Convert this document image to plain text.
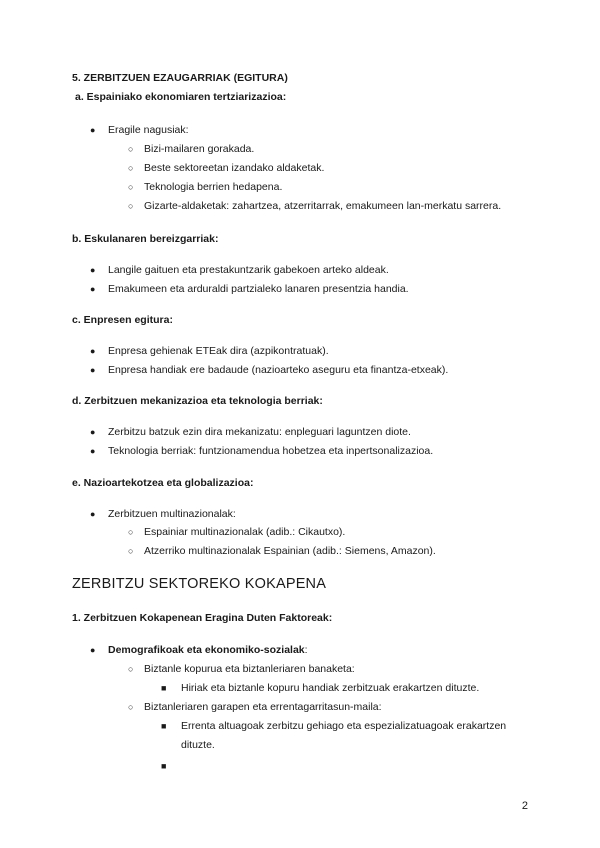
5. ZERBITZUEN EZAUGARRIAK (EGITURA)
a. Espainiako ekonomiaren tertziarizazioa:
● Eragile nagusiak:
○ Bizi-mailaren gorakada.
○ Beste sektoreetan izandako aldaketak.
○ Teknologia berrien hedapena.
○ Gizarte-aldaketak: zahartzea, atzerritarrak, emakumeen lan-merkatu sarrera.
b. Eskulanaren bereizgarriak:
● Langile gaituen eta prestakuntzarik gabekoen arteko aldeak.
● Emakumeen eta arduraldi partzialeko lanaren presentzia handia.
c. Enpresen egitura:
● Enpresa gehienak ETEak dira (azpikontratuak).
● Enpresa handiak ere badaude (nazioarteko aseguru eta finantza-etxeak).
d. Zerbitzuen mekanizazioa eta teknologia berriak:
● Zerbitzu batzuk ezin dira mekanizatu: enpleguari laguntzen diote.
● Teknologia berriak: funtzionamendua hobetzea eta inpertsonalizazioa.
e. Nazioartekotzea eta globalizazioa:
● Zerbitzuen multinazionalak:
○ Espainiar multinazionalak (adib.: Cikautxo).
○ Atzerriko multinazionalak Espainian (adib.: Siemens, Amazon).
ZERBITZU SEKTOREKO KOKAPENA
1. Zerbitzuen Kokapenean Eragina Duten Faktoreak:
● Demografikoak eta ekonomiko-sozialak:
○ Biztanle kopurua eta biztanleriaren banaketa:
■ Hiriak eta biztanle kopuru handiak zerbitzuak erakartzen dituzte.
○ Biztanleriaren garapen eta errentagarritasun-maila:
■ Errenta altuagoak zerbitzu gehiago eta espezializatuagoak erakartzen
dituzte.
■
2
